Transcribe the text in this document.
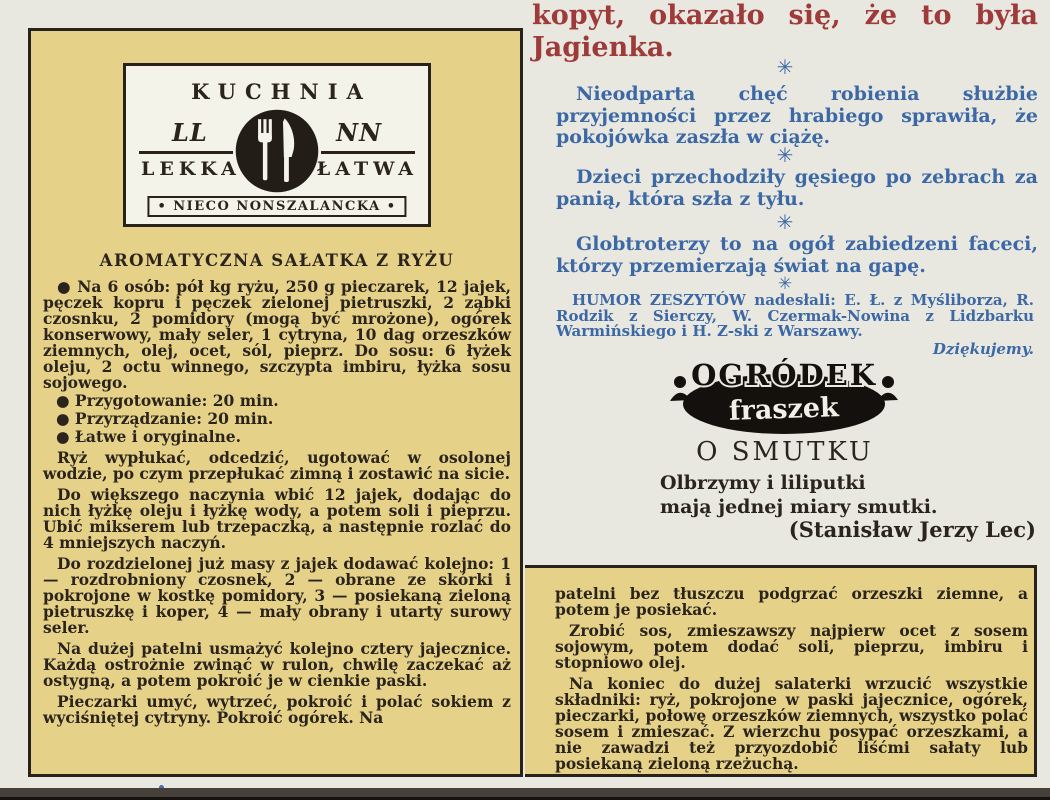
KUCHNIA
LL	NN
LEKKA	ŁATWA
• NIECO NONSZALANCKA •
AROMATYCZNA SAŁATKA Z RYŻU

● Na 6 osób: pół kg ryżu, 250 g pieczarek, 12 jajek, pęczek kopru i pęczek zielonej pietruszki, 2 ząbki czosnku, 2 pomidory (mogą być mrożone), ogórek konserwowy, mały seler, 1 cytryna, 10 dag orzeszków ziemnych, olej, ocet, sól, pieprz. Do sosu: 6 łyżek oleju, 2 octu winnego, szczypta imbiru, łyżka sosu sojowego.

● Przygotowanie: 20 min.
● Przyrządzanie: 20 min.
● Łatwe i oryginalne.

Ryż wypłukać, odcedzić, ugotować w osolonej wodzie, po czym przepłukać zimną i zostawić na sicie.

Do większego naczynia wbić 12 jajek, dodając do nich łyżkę oleju i łyżkę wody, a potem soli i pieprzu. Ubić mikserem lub trzepaczką, a następnie rozlać do 4 mniejszych naczyń.

Do rozdzielonej już masy z jajek dodawać kolejno: 1 — rozdrobniony czosnek, 2 — obrane ze skórki i pokrojone w kostkę pomidory, 3 — posiekaną zieloną pietruszkę i koper, 4 — mały obrany i utarty surowy seler.

Na dużej patelni usmażyć kolejno cztery jajecznice. Każdą ostrożnie zwinąć w rulon, chwilę zaczekać aż ostygną, a potem pokroić je w cienkie paski.

Pieczarki umyć, wytrzeć, pokroić i polać sokiem z wyciśniętej cytryny. Pokroić ogórek. Na

kopyt, okazało się, że to była Jagienka.
✳

Nieodparta chęć robienia służbie przyjemności przez hrabiego sprawiła, że pokojówka zaszła w ciążę.

✳

Dzieci przechodziły gęsiego po zebrach za panią, która szła z tyłu.

✳

Globtroterzy to na ogół zabiedzeni faceci, którzy przemierzają świat na gapę.

✳

HUMOR ZESZYTÓW nadesłali: E. Ł. z Myśliborza, R. Rodzik z Sierczy, W. Czermak-Nowina z Lidzbarku Warmińskiego i H. Z-ski z Warszawy.

Dziękujemy.

OGRÓDEK
fraszek
O SMUTKU

Olbrzymy i liliputki

mają jednej miary smutki.

(Stanisław Jerzy Lec)

patelni bez tłuszczu podgrzać orzeszki ziemne, a potem je posiekać.

Zrobić sos, zmieszawszy najpierw ocet z sosem sojowym, potem dodać soli, pieprzu, imbiru i stopniowo olej.

Na koniec do dużej salaterki wrzucić wszystkie składniki: ryż, pokrojone w paski jajecznice, ogórek, pieczarki, połowę orzeszków ziemnych, wszystko polać sosem i zmieszać. Z wierzchu posypać orzeszkami, a nie zawadzi też przyozdobić liśćmi sałaty lub posiekaną zieloną rzeżuchą.
